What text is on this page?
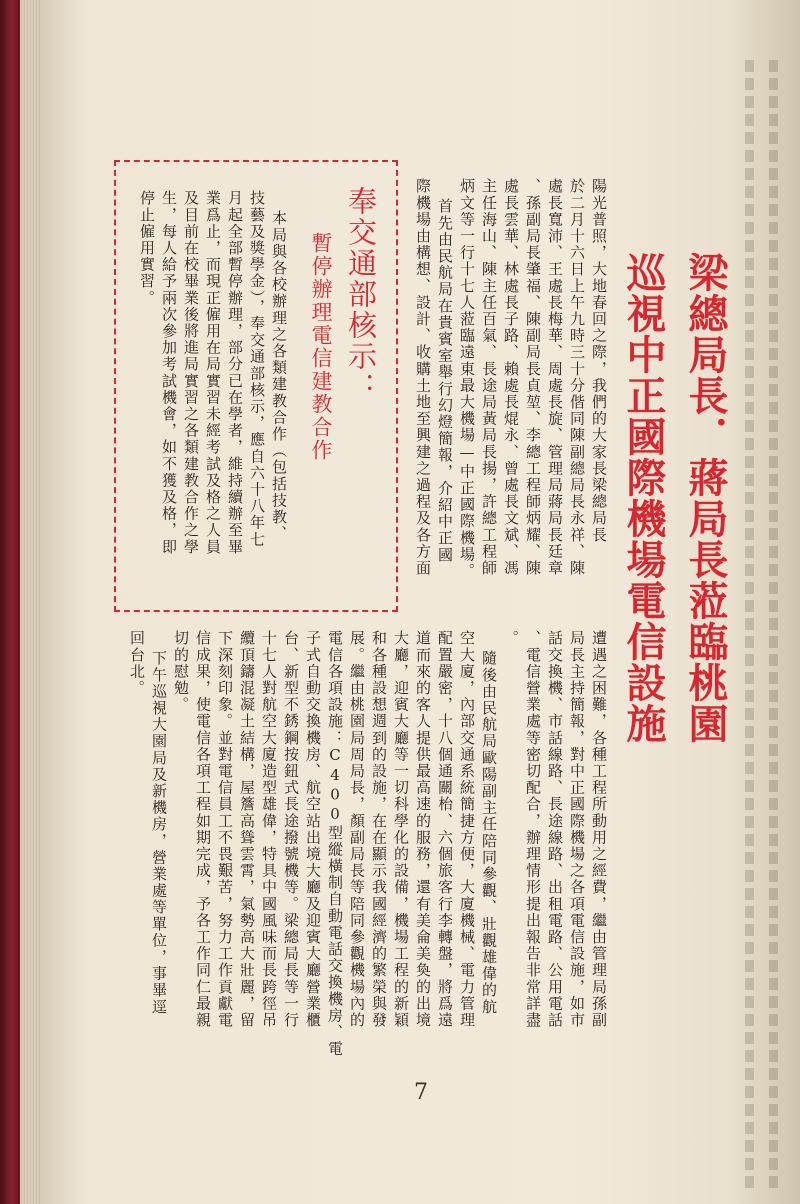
梁總局長．蔣局長蒞臨桃園
巡視中正國際機場電信設施
陽光普照，大地春回之際，我們的大家長梁總局長
於二月十六日上午九時三十分偕同陳副總局長永祥、陳
處長寬沛、王處長梅華、周處長旋、管理局蔣局長廷章
、孫副局長肇福、陳副局長貞堃、李總工程師炳耀、陳
處長雲華、林處長子路、賴處長焜永、曾處長文斌、馮
主任海山、陳主任百氣、長途局黃局長揚，許總工程師
炳文等一行十七人蒞臨遠東最大機場—中正國際機場。
首先由民航局在貴賓室舉行幻燈簡報，介紹中正國
際機場由構想、設計、收購土地至興建之過程及各方面
遭遇之困難，各種工程所動用之經費，繼由管理局孫副
局長主持簡報，對中正國際機場之各項電信設施，如市
話交換機、市話線路、長途線路、出租電路、公用電話
、電信營業處等密切配合，辦理情形提出報告非常詳盡
。
隨後由民航局歐陽副主任陪同參觀、壯觀雄偉的航
空大廈，內部交通系統簡捷方便，大廈機械、電力管理
配置嚴密，十八個通關枱、六個旅客行李轉盤，將爲遠
道而來的客人提供最高速的服務，還有美侖美奐的出境
大廳，迎賓大廳等一切科學化的設備，機場工程的新穎
和各種設想週到的設施，在在顯示我國經濟的繁榮與發
展。繼由桃園局周局長，顏副局長等陪同參觀機場內的
電信各項設施：C400型縱橫制自動電話交換機房、電
子式自動交換機房、航空站出境大廳及迎賓大廳營業櫃
台、新型不銹鋼按鈕式長途撥號機等。梁總局長等一行
十七人對航空大廈造型雄偉，特具中國風味而長跨徑吊
纜頂鑄混凝土結構，屋簷高聳雲霄，氣勢高大壯麗，留
下深刻印象。並對電信員工不畏艱苦，努力工作貢獻電
信成果，使電信各項工程如期完成，予各工作同仁最親
切的慰勉。
下午巡視大園局及新機房，營業處等單位，事畢逕
回台北。
奉交通部核示：
暫停辦理電信建教合作
本局與各校辦理之各類建教合作（包括技教、
技藝及獎學金），奉交通部核示，應自六十八年七
月起全部暫停辦理，部分已在學者，維持續辦至畢
業爲止，而現正僱用在局實習未經考試及格之人員
及目前在校畢業後將進局實習之各類建教合作之學
生，每人給予兩次參加考試機會，如不獲及格，即
停止僱用實習。
7
